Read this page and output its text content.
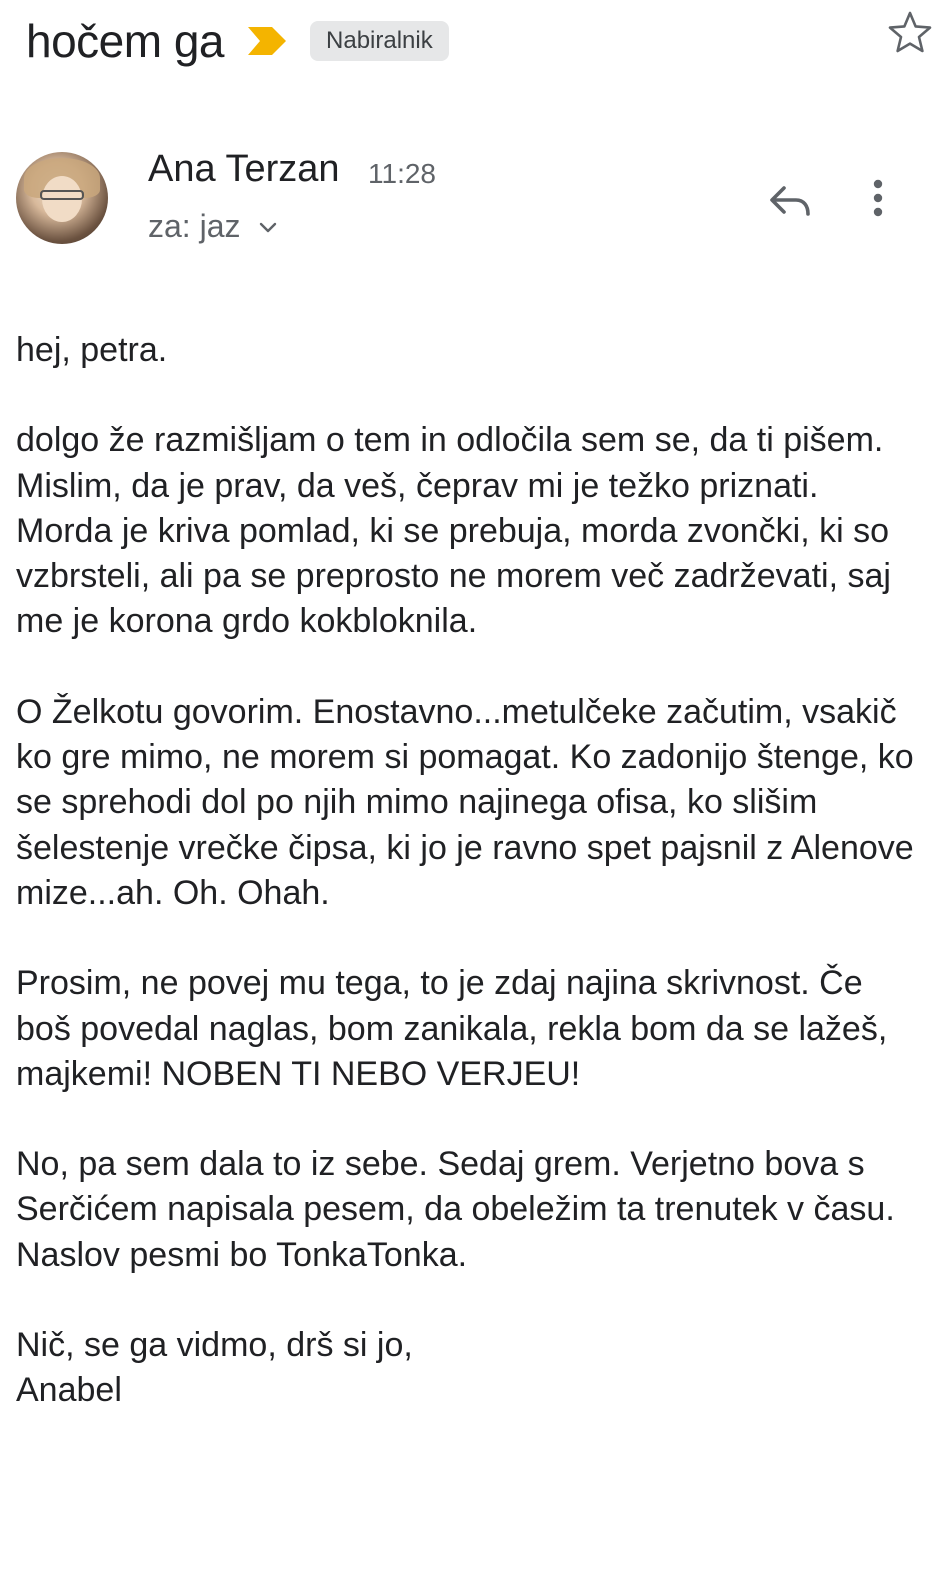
hočem ga	Nabiralnik
Ana Terzan 11:28
za: jaz

hej, petra.

dolgo že razmišljam o tem in odločila sem se, da ti pišem. Mislim, da je prav, da veš, čeprav mi je težko priznati. Morda je kriva pomlad, ki se prebuja, morda zvončki, ki so vzbrsteli, ali pa se preprosto ne morem več zadrževati, saj me je korona grdo kokbloknila.

O Želkotu govorim. Enostavno...metulčeke začutim, vsakič ko gre mimo, ne morem si pomagat. Ko zadonijo štenge, ko se sprehodi dol po njih mimo najinega ofisa, ko slišim šelestenje vrečke čipsa, ki jo je ravno spet pajsnil z Alenove mize...ah. Oh. Ohah.

Prosim, ne povej mu tega, to je zdaj najina skrivnost. Če boš povedal naglas, bom zanikala, rekla bom da se lažeš, majkemi! NOBEN TI NEBO VERJEU!

No, pa sem dala to iz sebe. Sedaj grem. Verjetno bova s Serčićem napisala pesem, da obeležim ta trenutek v času. Naslov pesmi bo TonkaTonka.

Nič, se ga vidmo, drš si jo,

Anabel
